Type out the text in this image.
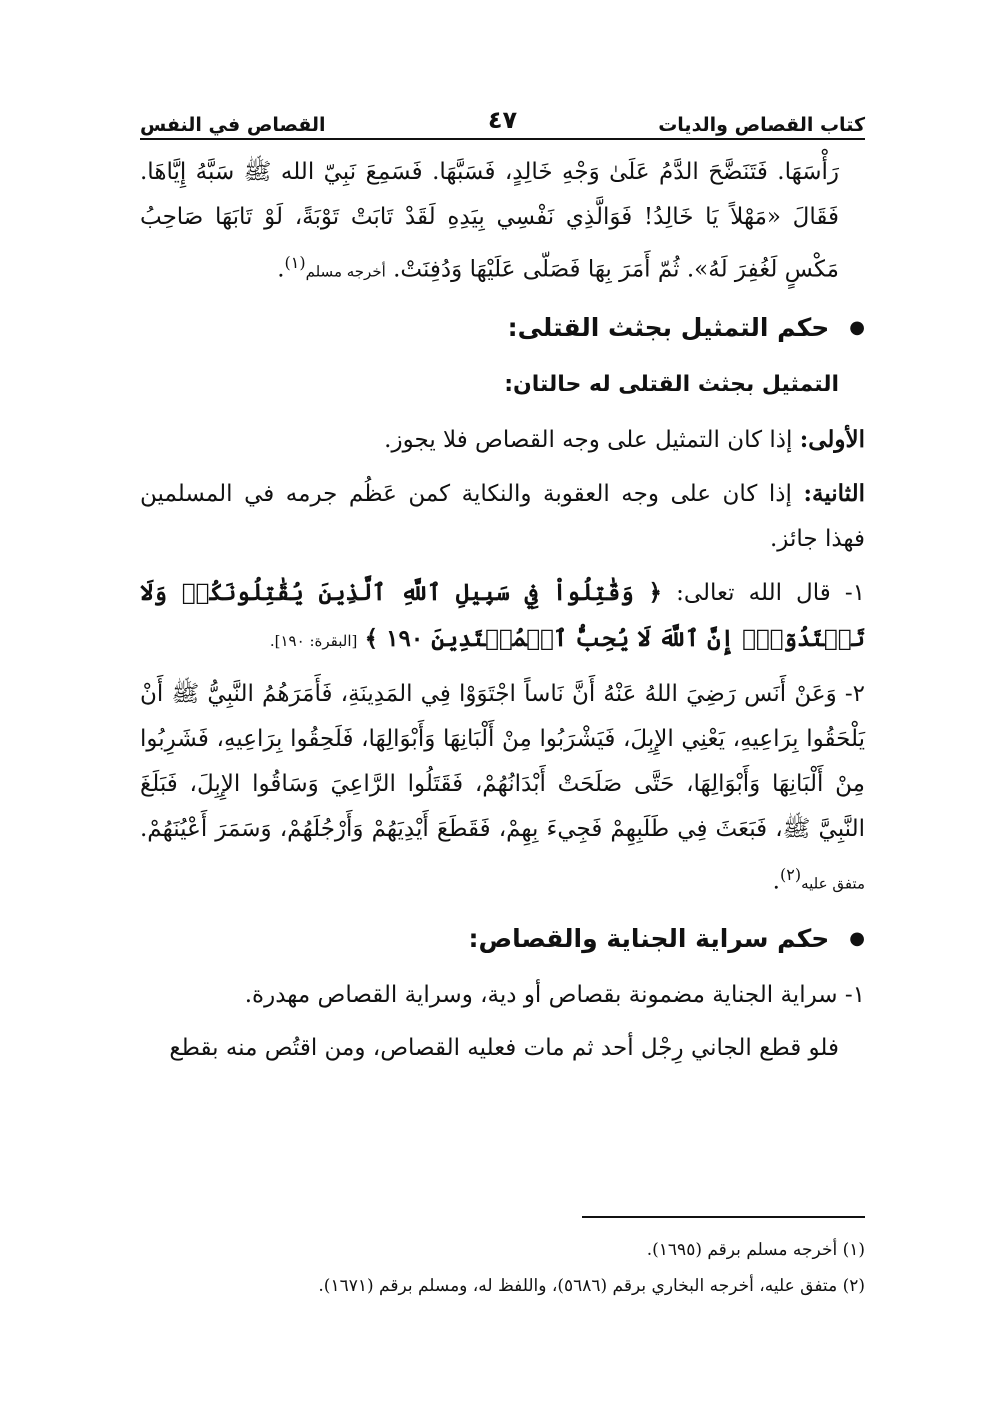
كتاب القصاص والديات
٤٧
القصاص في النفس

رَأْسَهَا. فَتَنَضَّحَ الدَّمُ عَلَىٰ وَجْهِ خَالِدٍ، فَسَبَّهَا. فَسَمِعَ نَبِيّ الله ﷺ سَبَّهُ إِيَّاهَا. فَقَالَ «مَهْلاً يَا خَالِدُ! فَوَالَّذِي نَفْسِي بِيَدِهِ لَقَدْ تَابَتْ تَوْبَةً، لَوْ تَابَهَا صَاحِبُ مَكْسٍ لَغُفِرَ لَهُ». ثُمّ أَمَرَ بِهَا فَصَلّى عَلَيْهَا وَدُفِنَتْ. أخرجه مسلم$^{(١)}$.

●
حكم التمثيل بجثث القتلى:
التمثيل بجثث القتلى له حالتان:

الأولى: إذا كان التمثيل على وجه القصاص فلا يجوز.

الثانية: إذا كان على وجه العقوبة والنكاية كمن عَظُم جرمه في المسلمين فهذا جائز.

١- قال الله تعالى: ﴿ وَقَٰتِلُواْ فِي سَبِيلِ ٱللَّهِ ٱلَّذِينَ يُقَٰتِلُونَكُمۡ وَلَا تَعۡتَدُوٓاْۚ إِنَّ ٱللَّهَ لَا يُحِبُّ ٱلۡمُعۡتَدِينَ ١٩٠ ﴾ [البقرة: ١٩٠].

٢- وَعَنْ أَنَس رَضِيَ اللهُ عَنْهُ أَنَّ نَاساً اجْتَوَوْا فِي المَدِينَةِ، فَأَمَرَهُمُ النَّبِيُّ ﷺ أَنْ يَلْحَقُوا بِرَاعِيهِ، يَعْنِي الإِبِلَ، فَيَشْرَبُوا مِنْ أَلْبَانِهَا وَأَبْوَالِهَا، فَلَحِقُوا بِرَاعِيهِ، فَشَرِبُوا مِنْ أَلْبَانِهَا وَأَبْوَالِهَا، حَتَّى صَلَحَتْ أَبْدَانُهُمْ، فَقَتَلُوا الرَّاعِيَ وَسَاقُوا الإِبِلَ، فَبَلَغَ النَّبِيَّ ﷺ، فَبَعَثَ فِي طَلَبِهِمْ فَجِيءَ بِهِمْ، فَقَطَعَ أَيْدِيَهُمْ وَأَرْجُلَهُمْ، وَسَمَرَ أَعْيُنَهُمْ. متفق عليه$^{(٢)}$.

●
حكم سراية الجناية والقصاص:

١- سراية الجناية مضمونة بقصاص أو دية، وسراية القصاص مهدرة.

فلو قطع الجاني رِجْل أحد ثم مات فعليه القصاص، ومن اقتُص منه بقطع

(١) أخرجه مسلم برقم (١٦٩٥).
(٢) متفق عليه، أخرجه البخاري برقم (٥٦٨٦)، واللفظ له، ومسلم برقم (١٦٧١).
